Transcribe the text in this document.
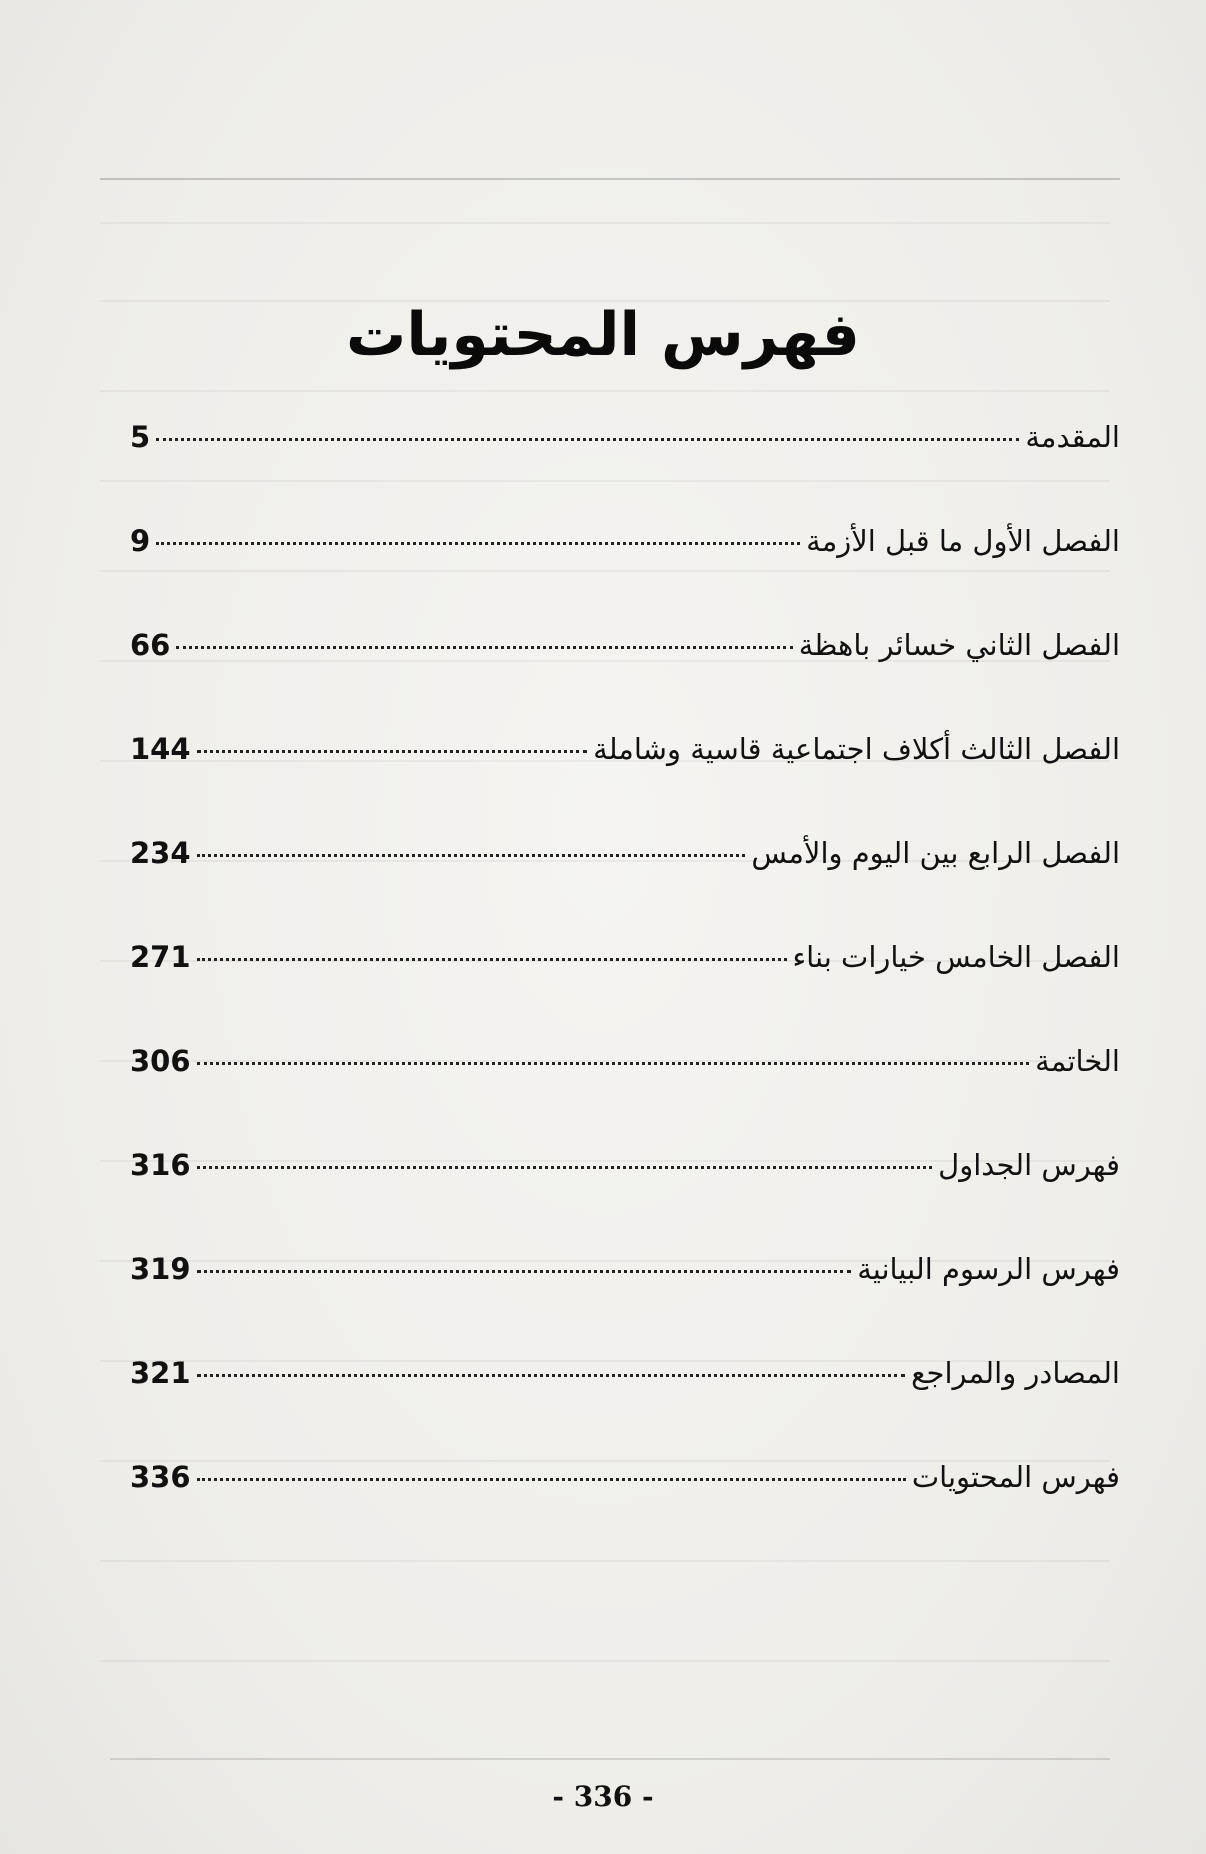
فهرس المحتويات
المقدمة
5
الفصل الأول ما قبل الأزمة
9
الفصل الثاني خسائر باهظة
66
الفصل الثالث أكلاف اجتماعية قاسية وشاملة
144
الفصل الرابع بين اليوم والأمس
234
الفصل الخامس خيارات بناء
271
الخاتمة
306
فهرس الجداول
316
فهرس الرسوم البيانية
319
المصادر والمراجع
321
فهرس المحتويات
336
- 336 -
